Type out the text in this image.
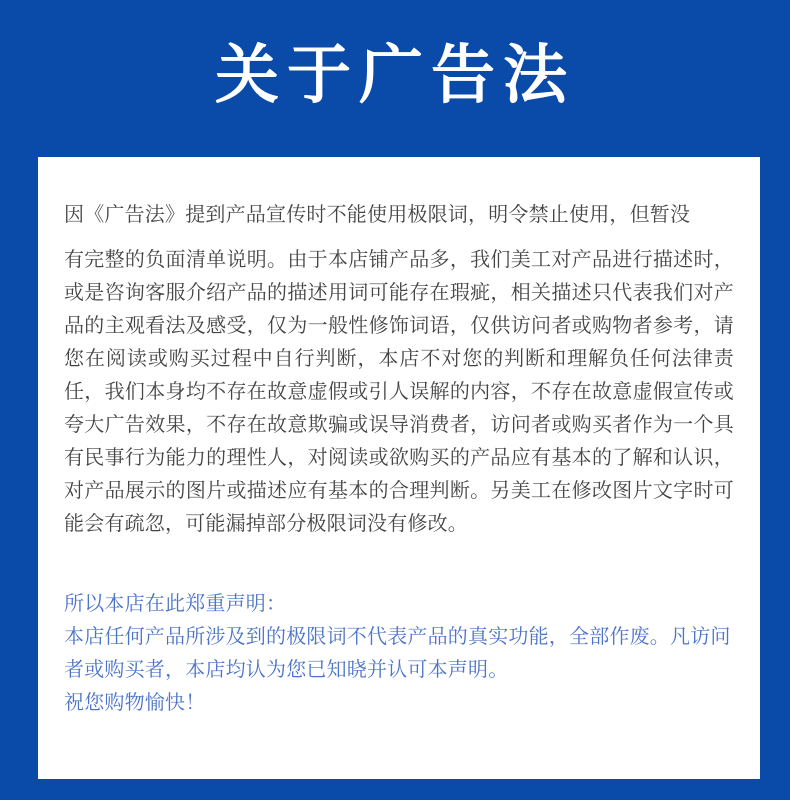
关于广告法

因《广告法》提到产品宣传时不能使用极限词，明令禁止使用，但暂没

有完整的负面清单说明。由于本店铺产品多，我们美工对产品进行描述时，或是咨询客服介绍产品的描述用词可能存在瑕疵，相关描述只代表我们对产品的主观看法及感受，仅为一般性修饰词语，仅供访问者或购物者参考，请您在阅读或购买过程中自行判断，本店不对您的判断和理解负任何法律责任，我们本身均不存在故意虚假或引人误解的内容，不存在故意虚假宣传或夸大广告效果，不存在故意欺骗或误导消费者，访问者或购买者作为一个具有民事行为能力的理性人，对阅读或欲购买的产品应有基本的了解和认识，对产品展示的图片或描述应有基本的合理判断。另美工在修改图片文字时可能会有疏忽，可能漏掉部分极限词没有修改。

所以本店在此郑重声明：

本店任何产品所涉及到的极限词不代表产品的真实功能，全部作废。凡访问者或购买者，本店均认为您已知晓并认可本声明。

祝您购物愉快！
